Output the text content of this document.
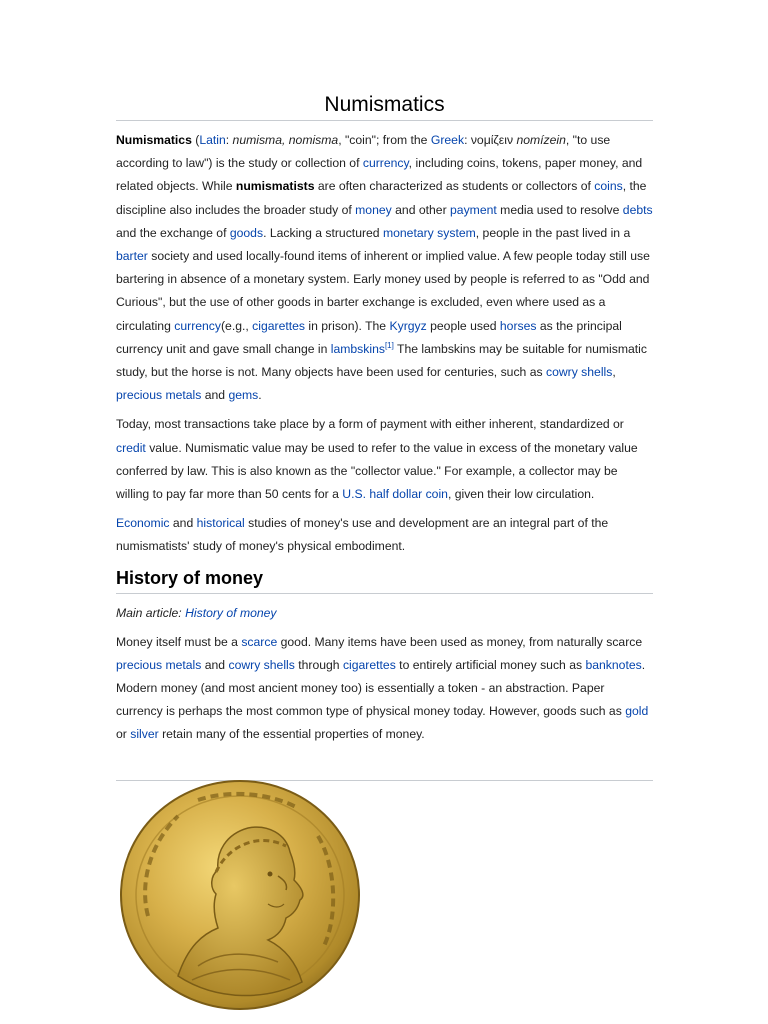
Numismatics

Numismatics (Latin: numisma, nomisma, "coin"; from the Greek: νομίζειν nomízein, "to use according to law") is the study or collection of currency, including coins, tokens, paper money, and related objects. While numismatists are often characterized as students or collectors of coins, the discipline also includes the broader study of money and other payment media used to resolve debts and the exchange of goods. Lacking a structured monetary system, people in the past lived in a barter society and used locally-found items of inherent or implied value. A few people today still use bartering in absence of a monetary system. Early money used by people is referred to as "Odd and Curious", but the use of other goods in barter exchange is excluded, even where used as a circulating currency(e.g., cigarettes in prison). The Kyrgyz people used horses as the principal currency unit and gave small change in lambskins[1] The lambskins may be suitable for numismatic study, but the horse is not. Many objects have been used for centuries, such as cowry shells, precious metals and gems.

Today, most transactions take place by a form of payment with either inherent, standardized or credit value. Numismatic value may be used to refer to the value in excess of the monetary value conferred by law. This is also known as the "collector value." For example, a collector may be willing to pay far more than 50 cents for a U.S. half dollar coin, given their low circulation.

Economic and historical studies of money's use and development are an integral part of the numismatists' study of money's physical embodiment.

History of money
Main article: History of money

Money itself must be a scarce good. Many items have been used as money, from naturally scarce precious metals and cowry shells through cigarettes to entirely artificial money such as banknotes. Modern money (and most ancient money too) is essentially a token - an abstraction. Paper currency is perhaps the most common type of physical money today. However, goods such as gold or silver retain many of the essential properties of money.
